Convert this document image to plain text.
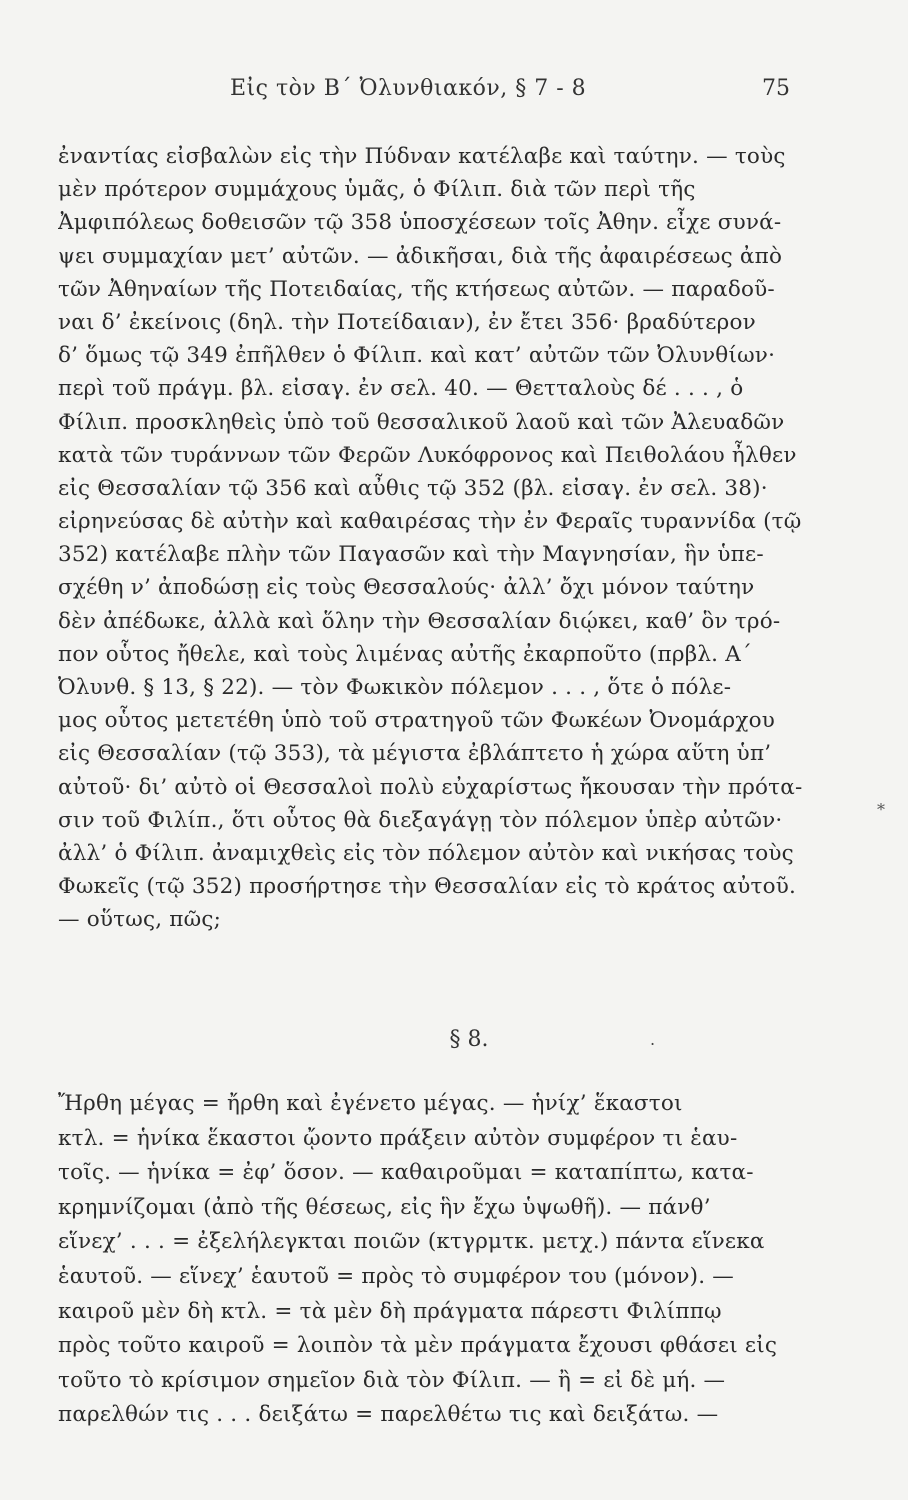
Εἰς τὸν Β΄ Ὀλυνθιακόν, § 7 - 8	75
ἐναντίας εἰσβαλὼν εἰς τὴν Πύδναν κατέλαβε καὶ ταύτην. — τοὺς
μὲν πρότερον συμμάχους ὑμᾶς, ὁ Φίλιπ. διὰ τῶν περὶ τῆς
Ἀμφιπόλεως δοθεισῶν τῷ 358 ὑποσχέσεων τοῖς Ἀθην. εἶχε συνά-
ψει συμμαχίαν μετ’ αὐτῶν. — ἀδικῆσαι, διὰ τῆς ἀφαιρέσεως ἀπὸ
τῶν Ἀθηναίων τῆς Ποτειδαίας, τῆς κτήσεως αὐτῶν. — παραδοῦ-
ναι δ’ ἐκείνοις (δηλ. τὴν Ποτείδαιαν), ἐν ἔτει 356· βραδύτερον
δ’ ὅμως τῷ 349 ἐπῆλθεν ὁ Φίλιπ. καὶ κατ’ αὐτῶν τῶν Ὀλυνθίων·
περὶ τοῦ πράγμ. βλ. εἰσαγ. ἐν σελ. 40. — Θετταλοὺς δέ . . . , ὁ
Φίλιπ. προσκληθεὶς ὑπὸ τοῦ θεσσαλικοῦ λαοῦ καὶ τῶν Ἀλευαδῶν
κατὰ τῶν τυράννων τῶν Φερῶν Λυκόφρονος καὶ Πειθολάου ἦλθεν
εἰς Θεσσαλίαν τῷ 356 καὶ αὖθις τῷ 352 (βλ. εἰσαγ. ἐν σελ. 38)·
εἰρηνεύσας δὲ αὐτὴν καὶ καθαιρέσας τὴν ἐν Φεραῖς τυραννίδα (τῷ
352) κατέλαβε πλὴν τῶν Παγασῶν καὶ τὴν Μαγνησίαν, ἣν ὑπε-
σχέθη ν’ ἀποδώσῃ εἰς τοὺς Θεσσαλούς· ἀλλ’ ὄχι μόνον ταύτην
δὲν ἀπέδωκε, ἀλλὰ καὶ ὅλην τὴν Θεσσαλίαν διῴκει, καθ’ ὃν τρό-
πον οὗτος ἤθελε, καὶ τοὺς λιμένας αὐτῆς ἐκαρποῦτο (πρβλ. Α΄
Ὀλυνθ. § 13, § 22). — τὸν Φωκικὸν πόλεμον . . . , ὅτε ὁ πόλε-
μος οὗτος μετετέθη ὑπὸ τοῦ στρατηγοῦ τῶν Φωκέων Ὀνομάρχου
εἰς Θεσσαλίαν (τῷ 353), τὰ μέγιστα ἐβλάπτετο ἡ χώρα αὕτη ὑπ’
αὐτοῦ· δι’ αὐτὸ οἱ Θεσσαλοὶ πολὺ εὐχαρίστως ἤκουσαν τὴν πρότα-
σιν τοῦ Φιλίπ., ὅτι οὗτος θὰ διεξαγάγῃ τὸν πόλεμον ὑπὲρ αὐτῶν·
ἀλλ’ ὁ Φίλιπ. ἀναμιχθεὶς εἰς τὸν πόλεμον αὐτὸν καὶ νικήσας τοὺς
Φωκεῖς (τῷ 352) προσήρτησε τὴν Θεσσαλίαν εἰς τὸ κράτος αὐτοῦ.
— οὕτως, πῶς;
*
§ 8.	.
Ἤρθη μέγας = ἤρθη καὶ ἐγένετο μέγας. — ἡνίχ’ ἕκαστοι
κτλ. = ἡνίκα ἕκαστοι ᾤοντο πράξειν αὐτὸν συμφέρον τι ἑαυ-
τοῖς. — ἡνίκα = ἐφ’ ὅσον. — καθαιροῦμαι = καταπίπτω, κατα-
κρημνίζομαι (ἀπὸ τῆς θέσεως, εἰς ἣν ἔχω ὑψωθῆ). — πάνθ’
εἵνεχ’ . . . = ἐξελήλεγκται ποιῶν (κτγρμτκ. μετχ.) πάντα εἵνεκα
ἑαυτοῦ. — εἵνεχ’ ἑαυτοῦ = πρὸς τὸ συμφέρον του (μόνον). —
καιροῦ μὲν δὴ κτλ. = τὰ μὲν δὴ πράγματα πάρεστι Φιλίππῳ
πρὸς τοῦτο καιροῦ = λοιπὸν τὰ μὲν πράγματα ἔχουσι φθάσει εἰς
τοῦτο τὸ κρίσιμον σημεῖον διὰ τὸν Φίλιπ. — ἢ = εἰ δὲ μή. —
παρελθών τις . . . δειξάτω = παρελθέτω τις καὶ δειξάτω. —
